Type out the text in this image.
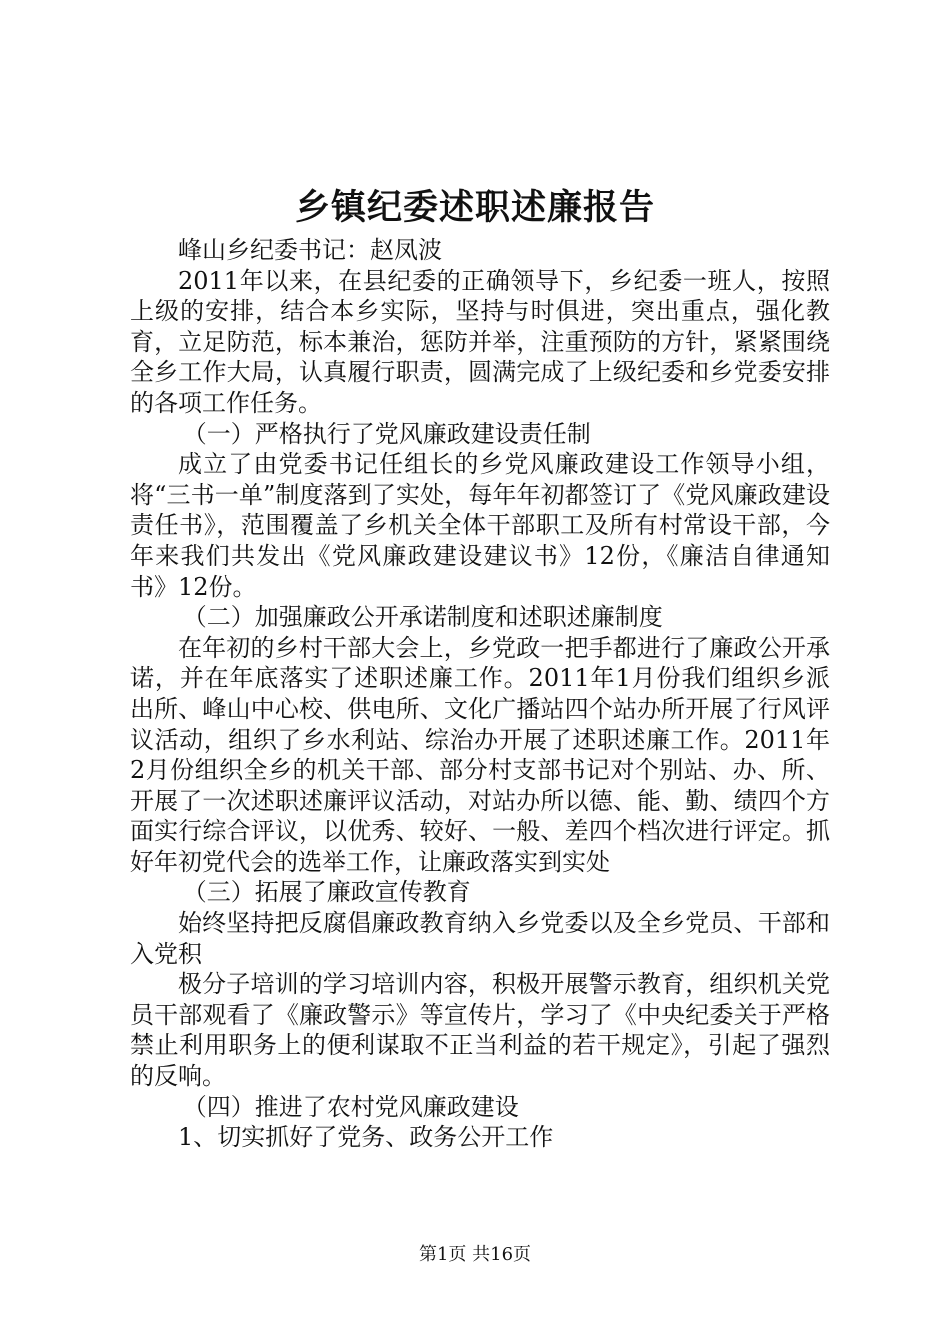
乡镇纪委述职述廉报告

峰山乡纪委书记：赵凤波

2011年以来，在县纪委的正确领导下，乡纪委一班人，按照上级的安排，结合本乡实际，坚持与时俱进，突出重点，强化教育，立足防范，标本兼治，惩防并举，注重预防的方针，紧紧围绕全乡工作大局，认真履行职责，圆满完成了上级纪委和乡党委安排的各项工作任务。

（一）严格执行了党风廉政建设责任制

成立了由党委书记任组长的乡党风廉政建设工作领导小组，将“三书一单”制度落到了实处，每年年初都签订了《党风廉政建设责任书》，范围覆盖了乡机关全体干部职工及所有村常设干部，今年来我们共发出《党风廉政建设建议书》12份，《廉洁自律通知书》12份。

（二）加强廉政公开承诺制度和述职述廉制度

在年初的乡村干部大会上，乡党政一把手都进行了廉政公开承诺，并在年底落实了述职述廉工作。2011年1月份我们组织乡派出所、峰山中心校、供电所、文化广播站四个站办所开展了行风评议活动，组织了乡水利站、综治办开展了述职述廉工作。2011年2月份组织全乡的机关干部、部分村支部书记对个别站、办、所、开展了一次述职述廉评议活动，对站办所以德、能、勤、绩四个方面实行综合评议，以优秀、较好、一般、差四个档次进行评定。抓好年初党代会的选举工作，让廉政落实到实处

（三）拓展了廉政宣传教育

始终坚持把反腐倡廉政教育纳入乡党委以及全乡党员、干部和入党积

极分子培训的学习培训内容，积极开展警示教育，组织机关党员干部观看了《廉政警示》等宣传片，学习了《中央纪委关于严格禁止利用职务上的便利谋取不正当利益的若干规定》，引起了强烈的反响。

（四）推进了农村党风廉政建设

1、切实抓好了党务、政务公开工作

第1页 共16页
